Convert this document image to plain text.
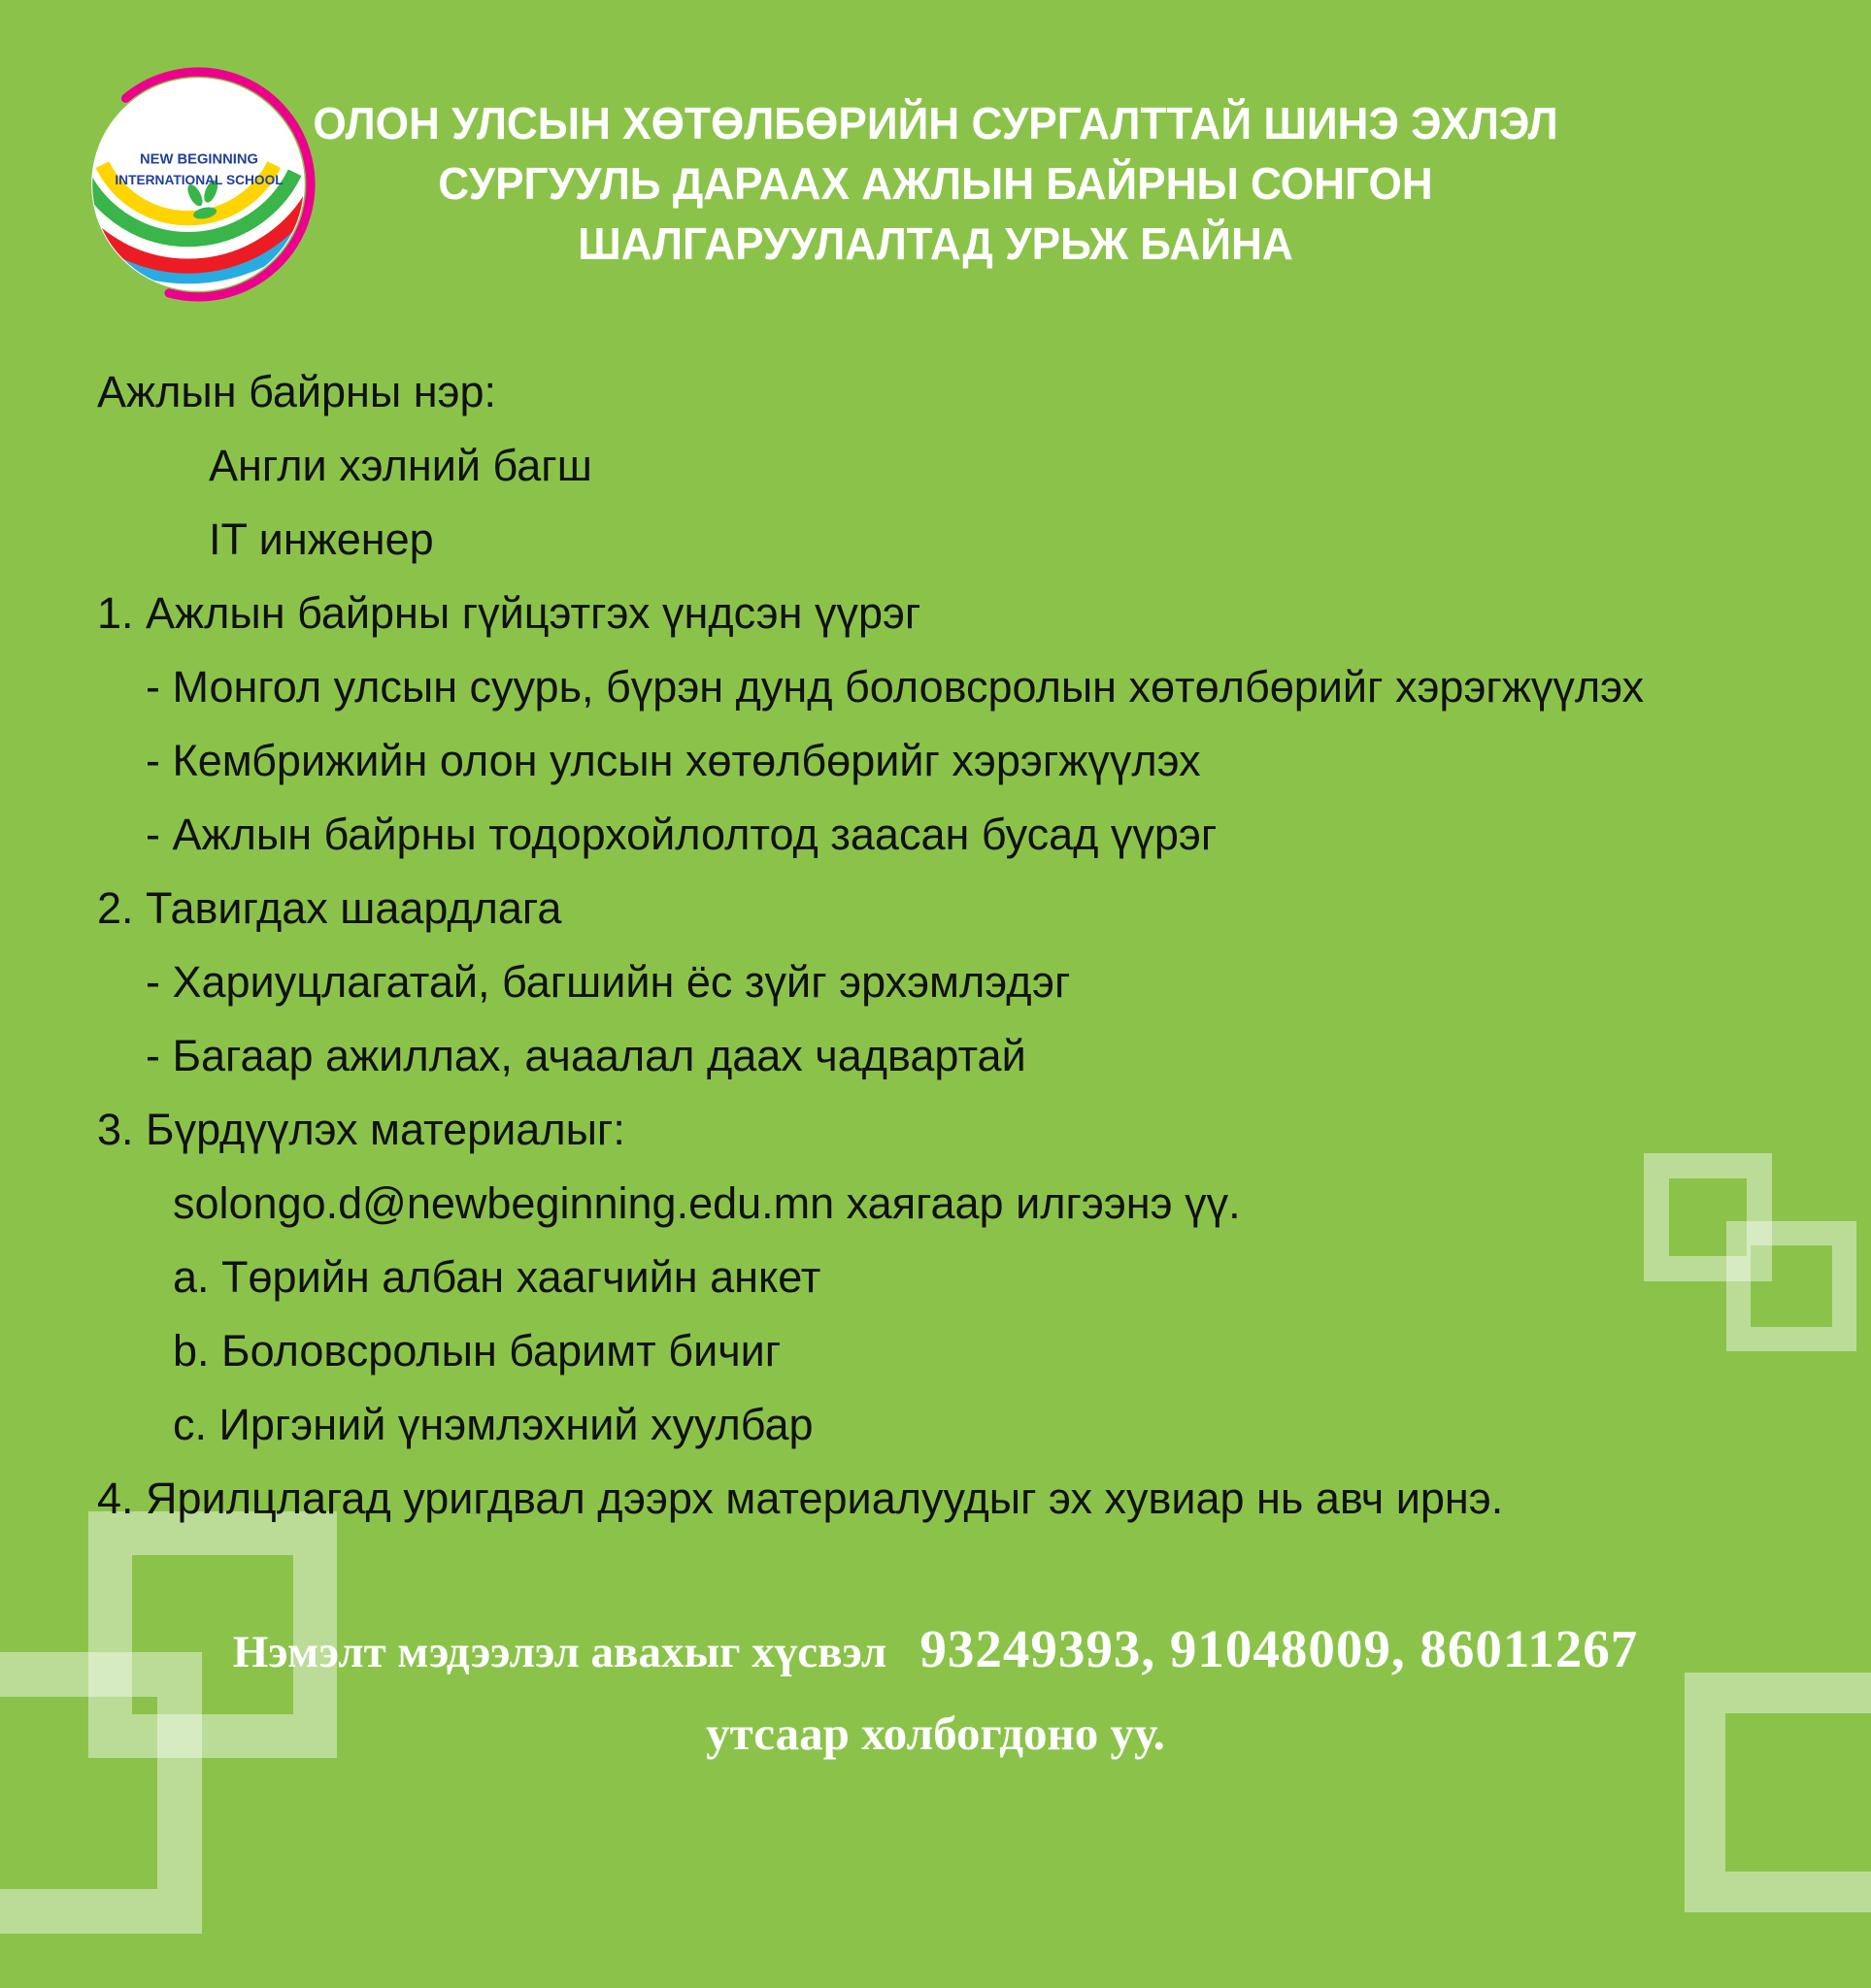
NEW BEGINNING
INTERNATIONAL SCHOOL
ОЛОН УЛСЫН ХӨТӨЛБӨРИЙН СУРГАЛТТАЙ ШИНЭ ЭХЛЭЛ
СУРГУУЛЬ ДАРААХ АЖЛЫН БАЙРНЫ СОНГОН
ШАЛГАРУУЛАЛТАД УРЬЖ БАЙНА
Ажлын байрны нэр:
Англи хэлний багш
IT инженер
1. Ажлын байрны гүйцэтгэх үндсэн үүрэг
- Монгол улсын суурь, бүрэн дунд боловсролын хөтөлбөрийг хэрэгжүүлэх
- Кембрижийн олон улсын хөтөлбөрийг хэрэгжүүлэх
- Ажлын байрны тодорхойлолтод заасан бусад үүрэг
2. Тавигдах шаардлага
- Хариуцлагатай, багшийн ёс зүйг эрхэмлэдэг
- Багаар ажиллах, ачаалал даах чадвартай
3. Бүрдүүлэх материалыг:
solongo.d@newbeginning.edu.mn хаягаар илгээнэ үү.
a. Төрийн албан хаагчийн анкет
b. Боловсролын баримт бичиг
c. Иргэний үнэмлэхний хуулбар
4. Ярилцлагад уригдвал дээрх материалуудыг эх хувиар нь авч ирнэ.
Нэмэлт мэдээлэл авахыг хүсвэл 93249393, 91048009, 86011267
утсаар холбогдоно уу.
